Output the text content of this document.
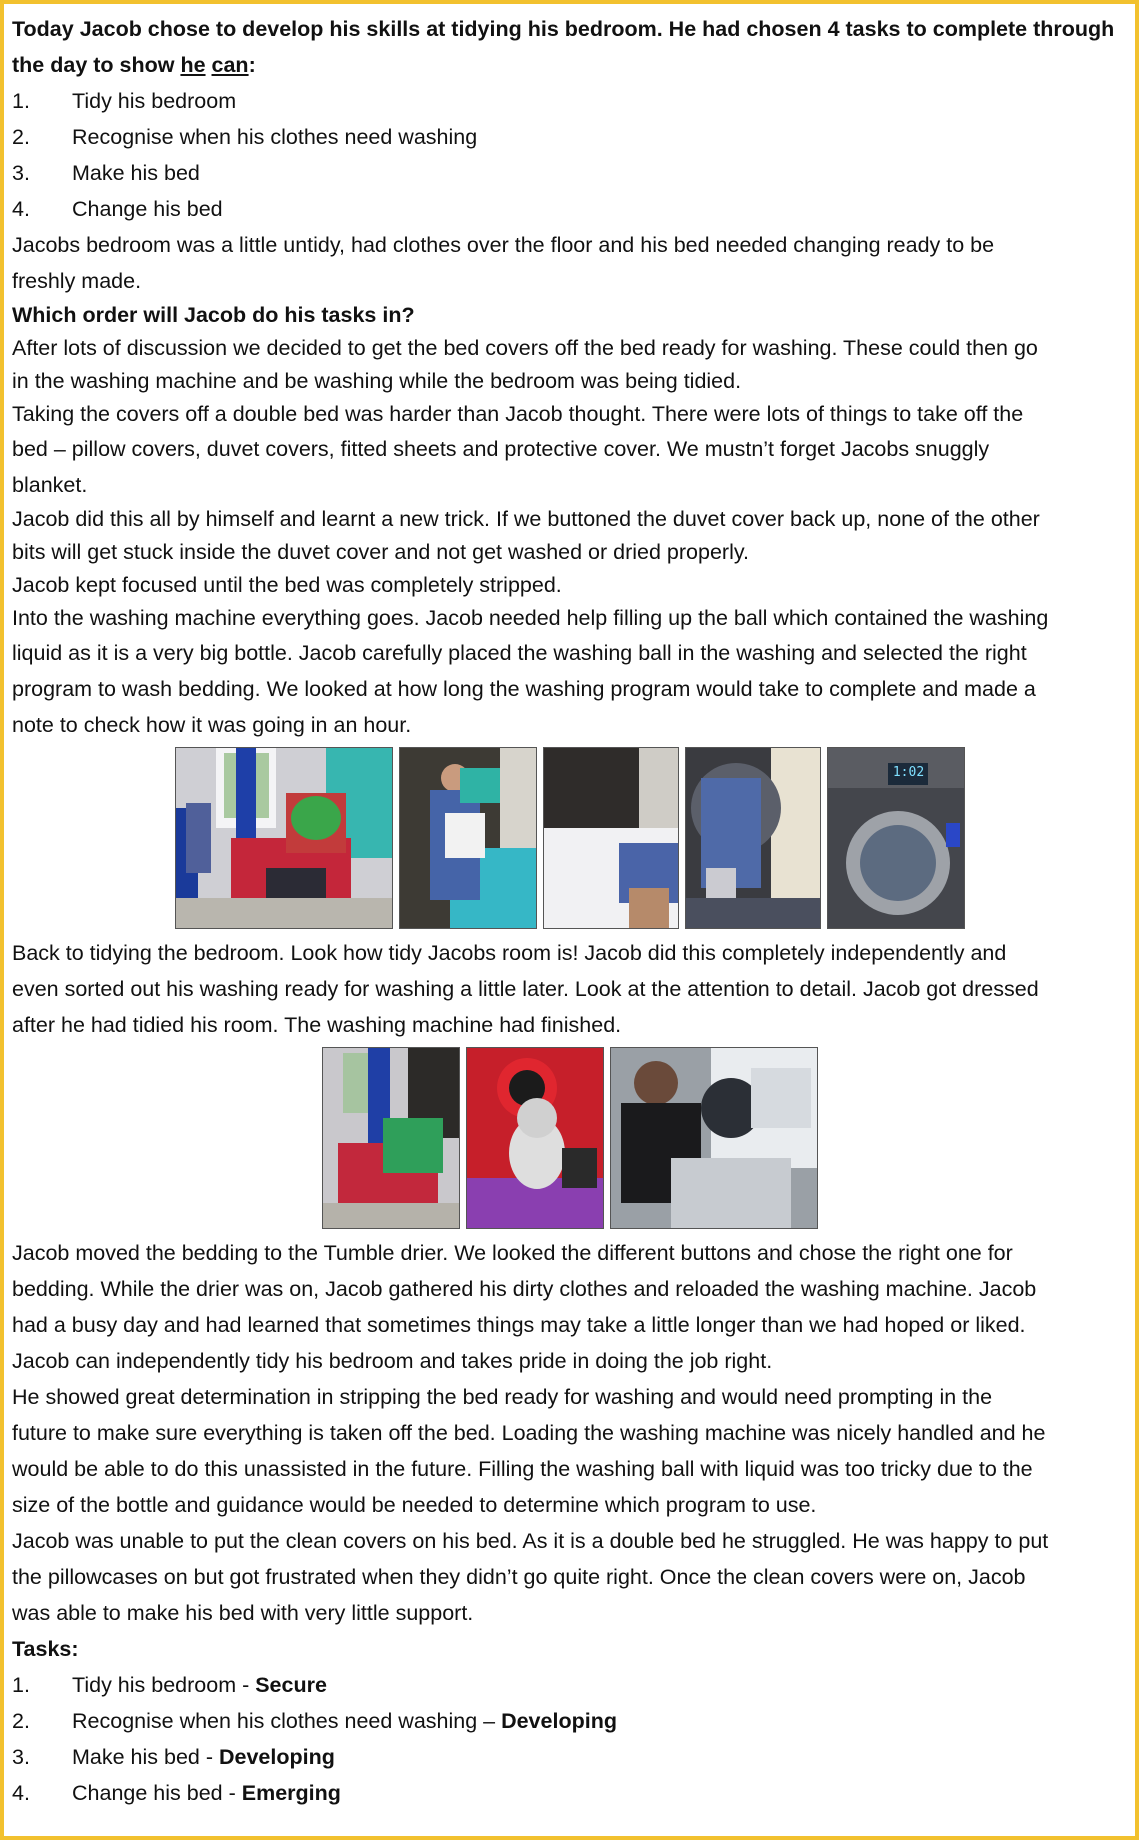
Today Jacob chose to develop his skills at tidying his bedroom. He had chosen 4 tasks to complete through
the day to show he can:
1.	Tidy his bedroom
2.	Recognise when his clothes need washing
3.	Make his bed
4.	Change his bed
Jacobs bedroom was a little untidy, had clothes over the floor and his bed needed changing ready to be
freshly made.
Which order will Jacob do his tasks in?
After lots of discussion we decided to get the bed covers off the bed ready for washing. These could then go
in the washing machine and be washing while the bedroom was being tidied.
Taking the covers off a double bed was harder than Jacob thought. There were lots of things to take off the
bed – pillow covers, duvet covers, fitted sheets and protective cover. We mustn’t forget Jacobs snuggly
blanket.
Jacob did this all by himself and learnt a new trick. If we buttoned the duvet cover back up, none of the other
bits will get stuck inside the duvet cover and not get washed or dried properly.
Jacob kept focused until the bed was completely stripped.
Into the washing machine everything goes. Jacob needed help filling up the ball which contained the washing
liquid as it is a very big bottle. Jacob carefully placed the washing ball in the washing and selected the right
program to wash bedding. We looked at how long the washing program would take to complete and made a
note to check how it was going in an hour.
1:02
Back to tidying the bedroom. Look how tidy Jacobs room is! Jacob did this completely independently and
even sorted out his washing ready for washing a little later. Look at the attention to detail. Jacob got dressed
after he had tidied his room. The washing machine had finished.
Jacob moved the bedding to the Tumble drier. We looked the different buttons and chose the right one for
bedding. While the drier was on, Jacob gathered his dirty clothes and reloaded the washing machine. Jacob
had a busy day and had learned that sometimes things may take a little longer than we had hoped or liked.
Jacob can independently tidy his bedroom and takes pride in doing the job right.
He showed great determination in stripping the bed ready for washing and would need prompting in the
future to make sure everything is taken off the bed. Loading the washing machine was nicely handled and he
would be able to do this unassisted in the future. Filling the washing ball with liquid was too tricky due to the
size of the bottle and guidance would be needed to determine which program to use.
Jacob was unable to put the clean covers on his bed. As it is a double bed he struggled. He was happy to put
the pillowcases on but got frustrated when they didn’t go quite right. Once the clean covers were on, Jacob
was able to make his bed with very little support.
Tasks:
1.	Tidy his bedroom - Secure
2.	Recognise when his clothes need washing – Developing
3.	Make his bed - Developing
4.	Change his bed - Emerging
